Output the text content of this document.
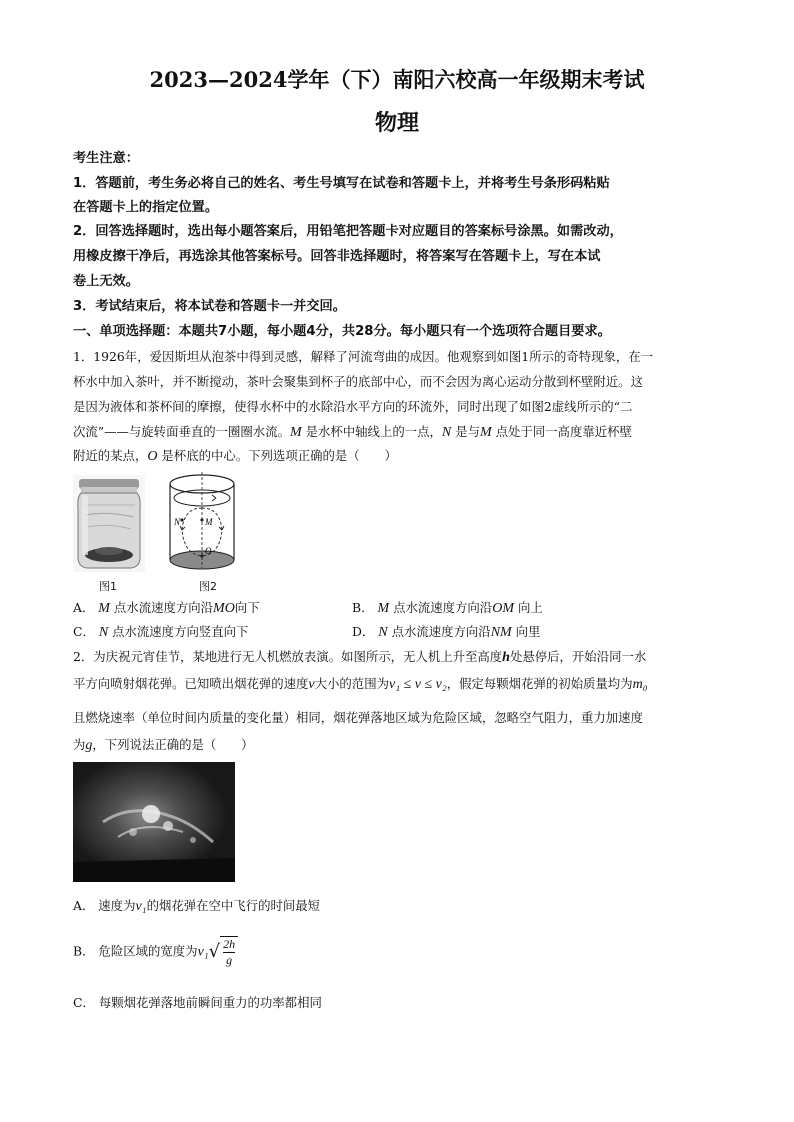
2023—2024学年（下）南阳六校高一年级期末考试
物理
考生注意：
1．答题前，考生务必将自己的姓名、考生号填写在试卷和答题卡上，并将考生号条形码粘贴
在答题卡上的指定位置。
2．回答选择题时，选出每小题答案后，用铅笔把答题卡对应题目的答案标号涂黑。如需改动，
用橡皮擦干净后，再选涂其他答案标号。回答非选择题时，将答案写在答题卡上，写在本试
卷上无效。
3．考试结束后，将本试卷和答题卡一并交回。
一、单项选择题：本题共7小题，每小题4分，共28分。每小题只有一个选项符合题目要求。
1．1926年，爱因斯坦从泡茶中得到灵感，解释了河流弯曲的成因。他观察到如图1所示的奇特现象，在一
杯水中加入茶叶，并不断搅动，茶叶会聚集到杯子的底部中心，而不会因为离心运动分散到杯壁附近。这
是因为液体和茶杯间的摩擦，使得水杯中的水除沿水平方向的环流外，同时出现了如图2虚线所示的“二
次流”——与旋转面垂直的一圈圈水流。M 是水杯中轴线上的一点，N 是与M 点处于同一高度靠近杯壁
附近的某点，O 是杯底的中心。下列选项正确的是（　　）
图1
N	M
O
图2
A． M 点水流速度方向沿MO向下	B． M 点水流速度方向沿OM 向上
C． N 点水流速度方向竖直向下	D． N 点水流速度方向沿NM 向里
2．为庆祝元宵佳节，某地进行无人机燃放表演。如图所示，无人机上升至高度h处悬停后，开始沿同一水
平方向喷射烟花弹。已知喷出烟花弹的速度v大小的范围为v₁ ≤ v ≤ v₂，假定每颗烟花弹的初始质量均为m₀
且燃烧速率（单位时间内质量的变化量）相同，烟花弹落地区域为危险区域，忽略空气阻力，重力加速度
为g，下列说法正确的是（　　）
A． 速度为v₁的烟花弹在空中飞行的时间最短
B． 危险区域的宽度为$v_1√ \frac{2h}{g}$
C． 每颗烟花弹落地前瞬间重力的功率都相同
